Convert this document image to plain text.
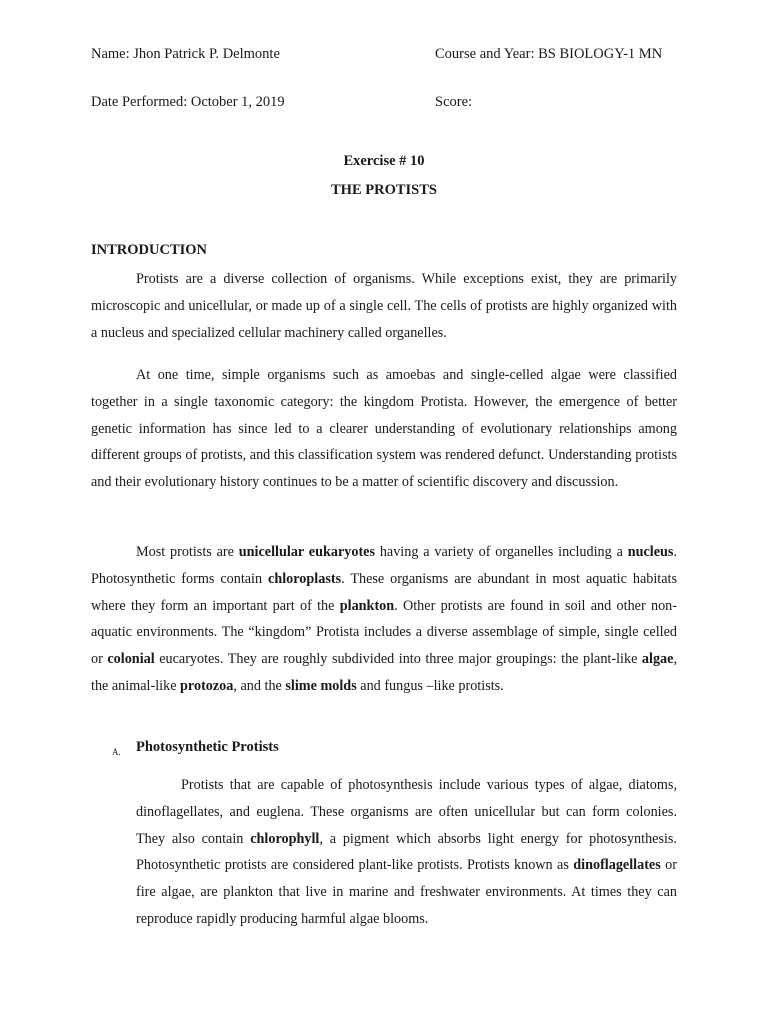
Name: Jhon Patrick P. Delmonte	Course and Year: BS BIOLOGY-1 MN
Date Performed: October 1, 2019	Score:
Exercise # 10
THE PROTISTS
INTRODUCTION

Protists are a diverse collection of organisms. While exceptions exist, they are primarily microscopic and unicellular, or made up of a single cell. The cells of protists are highly organized with a nucleus and specialized cellular machinery called organelles.

At one time, simple organisms such as amoebas and single-celled algae were classified together in a single taxonomic category: the kingdom Protista. However, the emergence of better genetic information has since led to a clearer understanding of evolutionary relationships among different groups of protists, and this classification system was rendered defunct. Understanding protists and their evolutionary history continues to be a matter of scientific discovery and discussion.

Most protists are unicellular eukaryotes having a variety of organelles including a nucleus. Photosynthetic forms contain chloroplasts. These organisms are abundant in most aquatic habitats where they form an important part of the plankton. Other protists are found in soil and other non-aquatic environments. The “kingdom” Protista includes a diverse assemblage of simple, single celled or colonial eucaryotes. They are roughly subdivided into three major groupings: the plant-like algae, the animal-like protozoa, and the slime molds and fungus –like protists.

A. Photosynthetic Protists

Protists that are capable of photosynthesis include various types of algae, diatoms, dinoflagellates, and euglena. These organisms are often unicellular but can form colonies. They also contain chlorophyll, a pigment which absorbs light energy for photosynthesis. Photosynthetic protists are considered plant-like protists. Protists known as dinoflagellates or fire algae, are plankton that live in marine and freshwater environments. At times they can reproduce rapidly producing harmful algae blooms.
